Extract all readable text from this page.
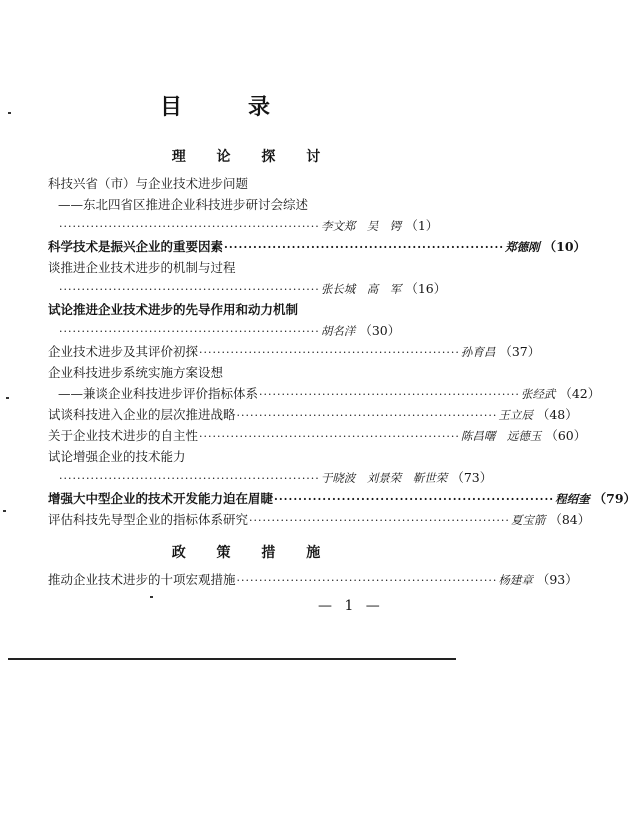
目	录
理 论 探 讨
科技兴省（市）与企业技术进步问题
——东北四省区推进企业科技进步研讨会综述
·························································· 李文郑　吴　锷 （1）
科学技术是振兴企业的重要因素 ·························································· 郑德刚 （10）
谈推进企业技术进步的机制与过程
·························································· 张长城　高　军 （16）
试论推进企业技术进步的先导作用和动力机制
·························································· 胡名洋 （30）
企业技术进步及其评价初探 ·························································· 孙育昌 （37）
企业科技进步系统实施方案设想
——兼谈企业科技进步评价指标体系 ·························································· 张经武 （42）
试谈科技进入企业的层次推进战略 ·························································· 王立辰 （48）
关于企业技术进步的自主性 ·························································· 陈昌曙　远德玉 （60）
试论增强企业的技术能力
·························································· 于晓波　刘景荣　靳世荣 （73）
增强大中型企业的技术开发能力迫在眉睫 ·························································· 程绍奎 （79）
评估科技先导型企业的指标体系研究 ·························································· 夏宝箭 （84）
政 策 措 施
推动企业技术进步的十项宏观措施 ·························································· 杨建章 （93）
— 1 —
